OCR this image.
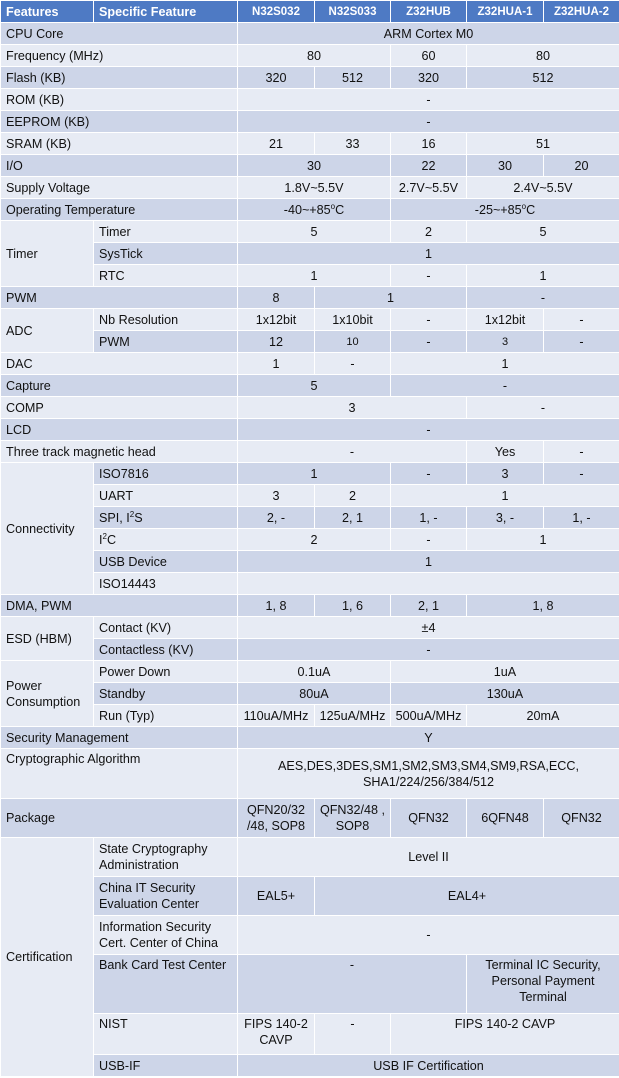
Features	Specific Feature	N32S032	N32S033	Z32HUB	Z32HUA-1	Z32HUA-2
CPU Core		ARM Cortex M0				
Frequency (MHz)		80		60	80	
Flash (KB)		320	512	320	512	
ROM (KB)		-				
EEPROM (KB)		-				
SRAM (KB)		21	33	16	51	
I/O		30		22	30	20
Supply Voltage		1.8V~5.5V		2.7V~5.5V	2.4V~5.5V	
Operating Temperature		$-40\sim+85^oC$		$-25\sim+85^oC$		
Timer	Timer	5		2	5	
	SysTick	1				
	RTC	1		-	1	
PWM		8	1		-	
ADC	Nb Resolution	1x12bit	1x10bit	-	1x12bit	-
	PWM	12	10	-	3	-
DAC		1	-	1		
Capture		5		-		
COMP		3			-	
LCD		-				
Three track magnetic head		-			Yes	-
Connectivity	ISO7816	1		-	3	-
	UART	3	2	1		
	SPI, $I^2S$	2, -	2, 1	1, -	3, -	1, -
	$I^2C$	2		-	1	
	USB Device	1				
	ISO14443					
DMA, PWM		1, 8	1, 6	2, 1	1, 8	
ESD (HBM)	Contact (KV)	±4				
	Contactless (KV)	-				
Power Consumption	Power Down	0.1uA		1uA		
	Standby	80uA		130uA		
	Run (Typ)	110uA/MHz	125uA/MHz	500uA/MHz	20mA	
Security Management		Y				
Cryptographic Algorithm		AES,DES,3DES,SM1,SM2,SM3,SM4,SM9,RSA,ECC, SHA1/224/256/384/512				
Package		QFN20/32 /48, SOP8	QFN32/48 , SOP8	QFN32	6QFN48	QFN32
Certification	State Cryptography Administration	Level II				
	China IT Security Evaluation Center	EAL5+	EAL4+			
	Information Security Cert. Center of China	-				
	Bank Card Test Center	-			Terminal IC Security, Personal Payment Terminal	
	NIST	FIPS 140-2 CAVP	-	FIPS 140-2 CAVP		
	USB-IF	USB IF Certification				
